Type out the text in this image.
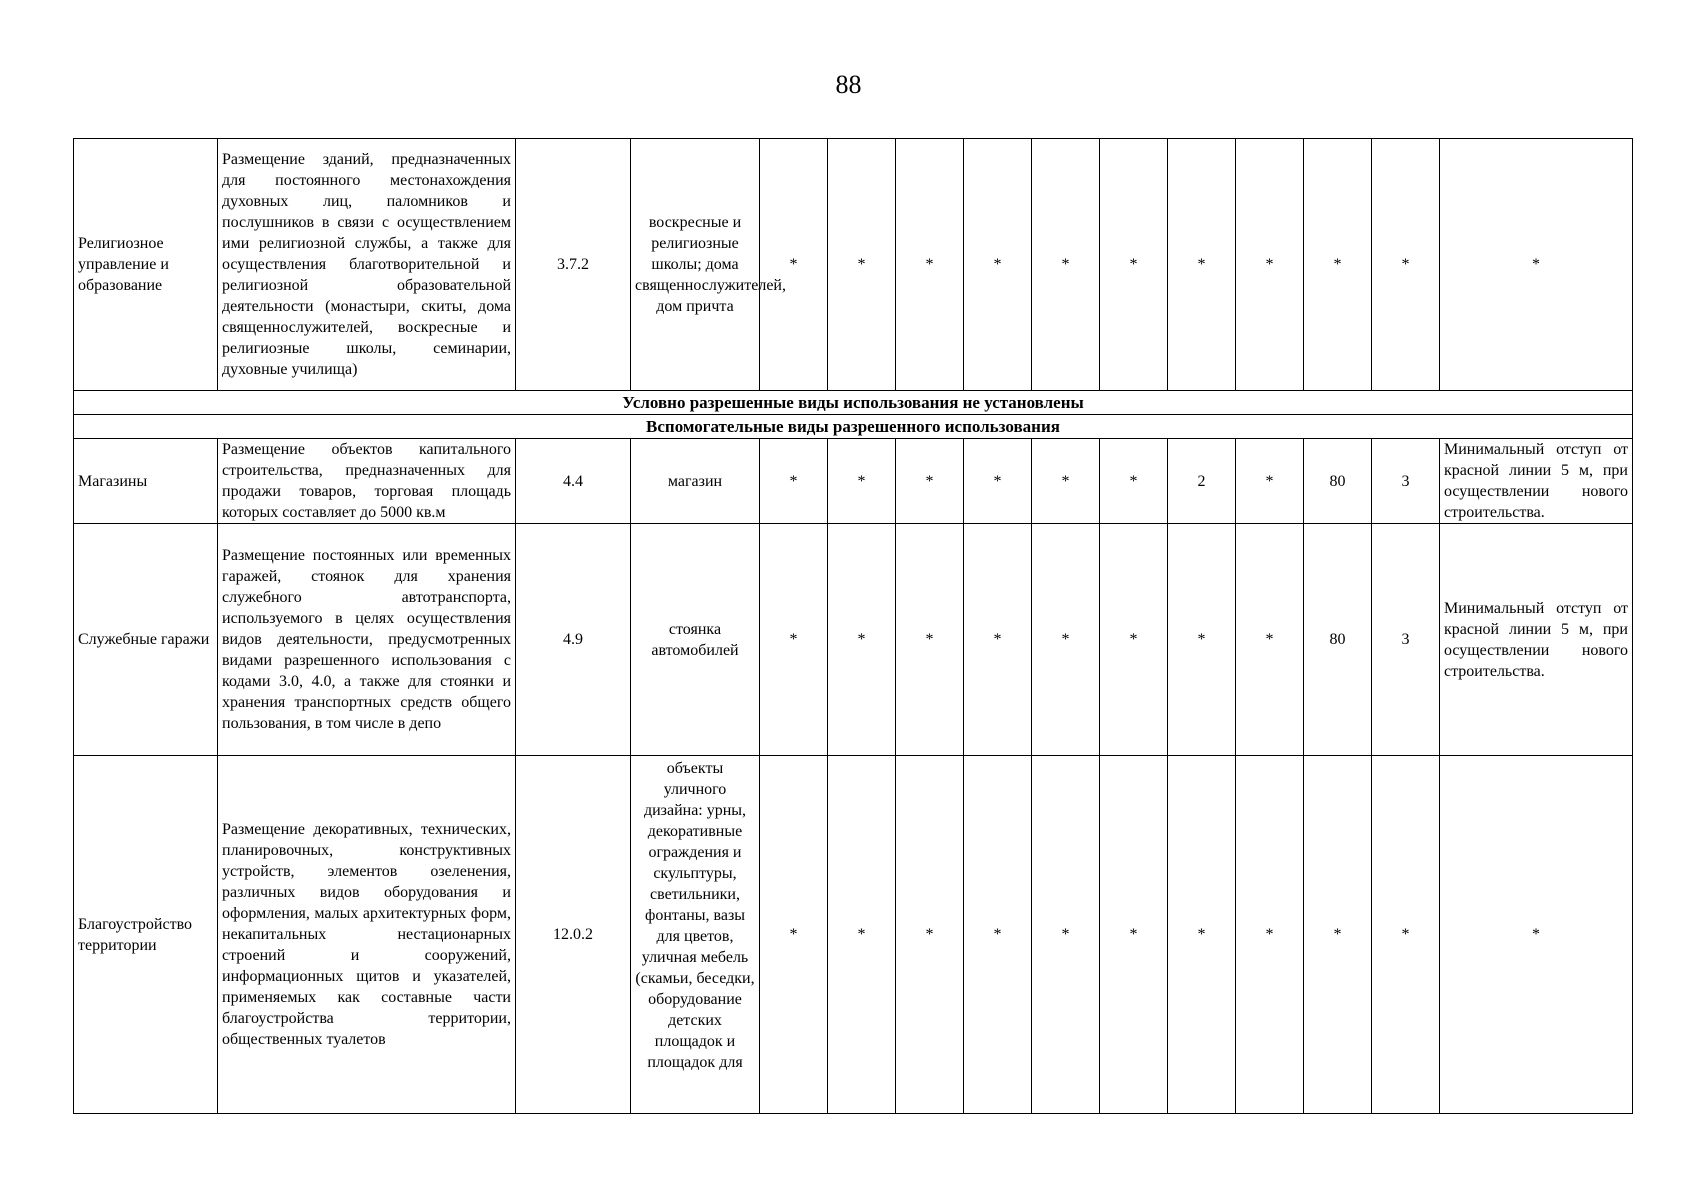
88
Религиозное управление и образование	Размещение зданий, предназначенных для постоянного местонахождения духовных лиц, паломников и послушников в связи с осуществлением ими религиозной службы, а также для осуществления благотворительной и религиозной образовательной деятельности (монастыри, скиты, дома священнослужителей, воскресные и религиозные школы, семинарии, духовные училища)	3.7.2	воскресные и религиозные школы; дома священнослужителей, дом причта	*	*	*	*	*	*	*	*	*	*	*
Условно разрешенные виды использования не установлены														
Вспомогательные виды разрешенного использования														
Магазины	Размещение объектов капитального строительства, предназначенных для продажи товаров, торговая площадь которых составляет до 5000 кв.м	4.4	магазин	*	*	*	*	*	*	2	*	80	3	Минимальный отступ от красной линии 5 м, при осуществлении нового строительства.
Служебные гаражи	Размещение постоянных или временных гаражей, стоянок для хранения служебного автотранспорта, используемого в целях осуществления видов деятельности, предусмотренных видами разрешенного использования с кодами 3.0, 4.0, а также для стоянки и хранения транспортных средств общего пользования, в том числе в депо	4.9	стоянка автомобилей	*	*	*	*	*	*	*	*	80	3	Минимальный отступ от красной линии 5 м, при осуществлении нового строительства.
Благоустройство территории	Размещение декоративных, технических, планировочных, конструктивных устройств, элементов озеленения, различных видов оборудования и оформления, малых архитектурных форм, некапитальных нестационарных строений и сооружений, информационных щитов и указателей, применяемых как составные части благоустройства территории, общественных туалетов	12.0.2	объекты уличного дизайна: урны, декоративные ограждения и скульптуры, светильники, фонтаны, вазы для цветов, уличная мебель (скамьи, беседки, оборудование детских площадок и площадок для	*	*	*	*	*	*	*	*	*	*	*
